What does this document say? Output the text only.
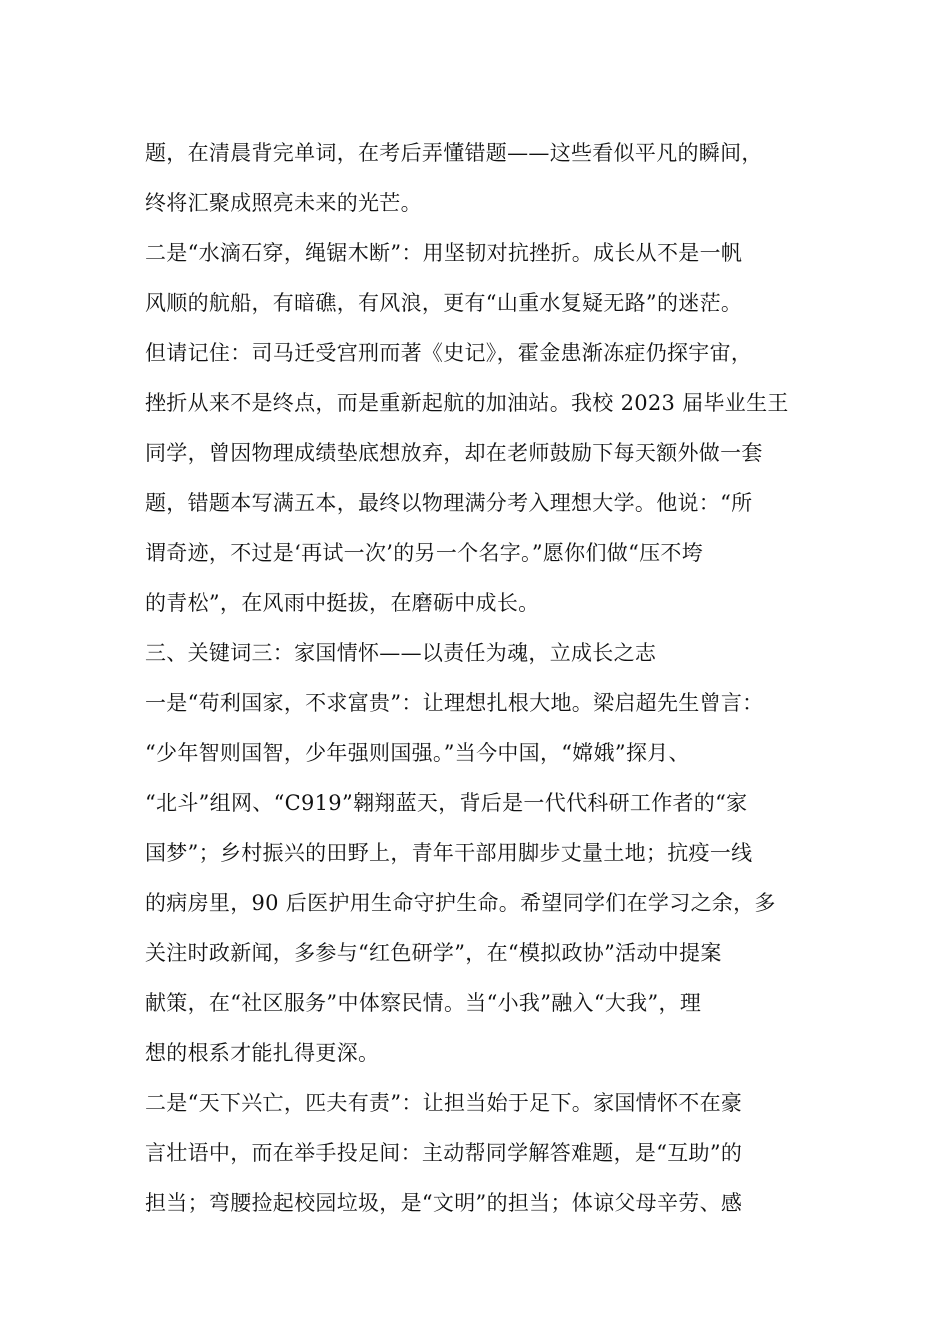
题，在清晨背完单词，在考后弄懂错题——这些看似平凡的瞬间，
终将汇聚成照亮未来的光芒。
二是“水滴石穿，绳锯木断”：用坚韧对抗挫折。成长从不是一帆
风顺的航船，有暗礁，有风浪，更有“山重水复疑无路”的迷茫。
但请记住：司马迁受宫刑而著《史记》，霍金患渐冻症仍探宇宙，
挫折从来不是终点，而是重新起航的加油站。我校 2023 届毕业生王
同学，曾因物理成绩垫底想放弃，却在老师鼓励下每天额外做一套
题，错题本写满五本，最终以物理满分考入理想大学。他说：“所
谓奇迹，不过是‘再试一次’的另一个名字。”愿你们做“压不垮
的青松”，在风雨中挺拔，在磨砺中成长。
三、关键词三：家国情怀——以责任为魂，立成长之志
一是“苟利国家，不求富贵”：让理想扎根大地。梁启超先生曾言：
“少年智则国智，少年强则国强。”当今中国，“嫦娥”探月、
“北斗”组网、“C919”翱翔蓝天，背后是一代代科研工作者的“家
国梦”；乡村振兴的田野上，青年干部用脚步丈量土地；抗疫一线
的病房里，90 后医护用生命守护生命。希望同学们在学习之余，多
关注时政新闻，多参与“红色研学”，在“模拟政协”活动中提案
献策，在“社区服务”中体察民情。当“小我”融入“大我”，理
想的根系才能扎得更深。
二是“天下兴亡，匹夫有责”：让担当始于足下。家国情怀不在豪
言壮语中，而在举手投足间：主动帮同学解答难题，是“互助”的
担当；弯腰捡起校园垃圾，是“文明”的担当；体谅父母辛劳、感
